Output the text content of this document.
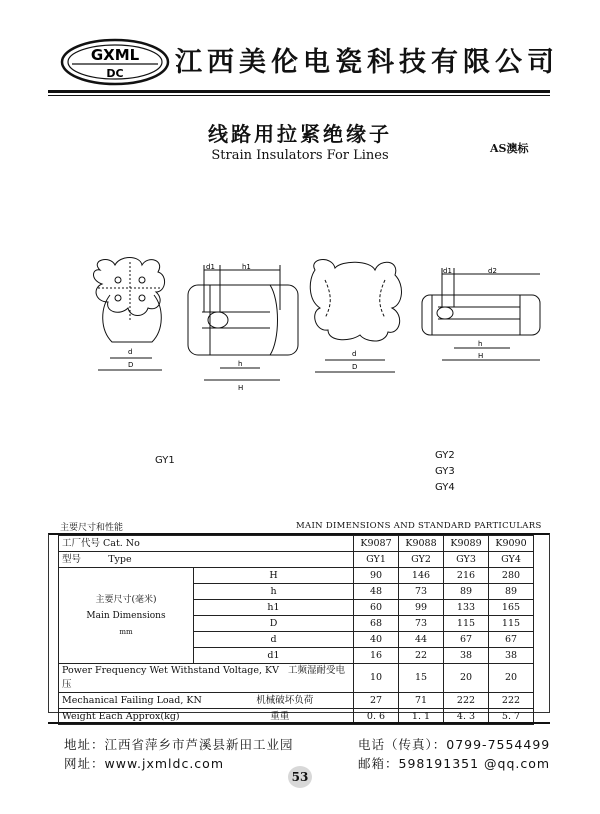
GXML
DC 江西美伦电瓷科技有限公司
线路用拉紧绝缘子
Strain Insulators For Lines	AS澳标
d
D
d1	h1
h
H
d
D
d1	d2
h
H
GY1	GY2
GY3
GY4
主要尺寸和性能	MAIN DIMENSIONS AND STANDARD PARTICULARS
工厂代号 Cat. No		K9087	K9088	K9089	K9090
型号 Type		GY1	GY2	GY3	GY4

主要尺寸(毫米)
Main Dimensions
mm	H	90	146	216	280
	h	48	73	89	89
	h1	60	99	133	165
	D	68	73	115	115
	d	40	44	67	67
	d1	16	22	38	38
Power Frequency Wet Withstand Voltage, KV 工频湿耐受电压		10	15	20	20
Mechanical Failing Load, KN 机械破坏负荷		27	71	222	222
Weight Each Approx(kg) 重重		0. 6	1. 1	4. 3	5. 7
地址：江西省萍乡市芦溪县新田工业园
网址：www.jxmldc.com
电话（传真）：0799-7554499
邮箱：598191351 @qq.com
53
